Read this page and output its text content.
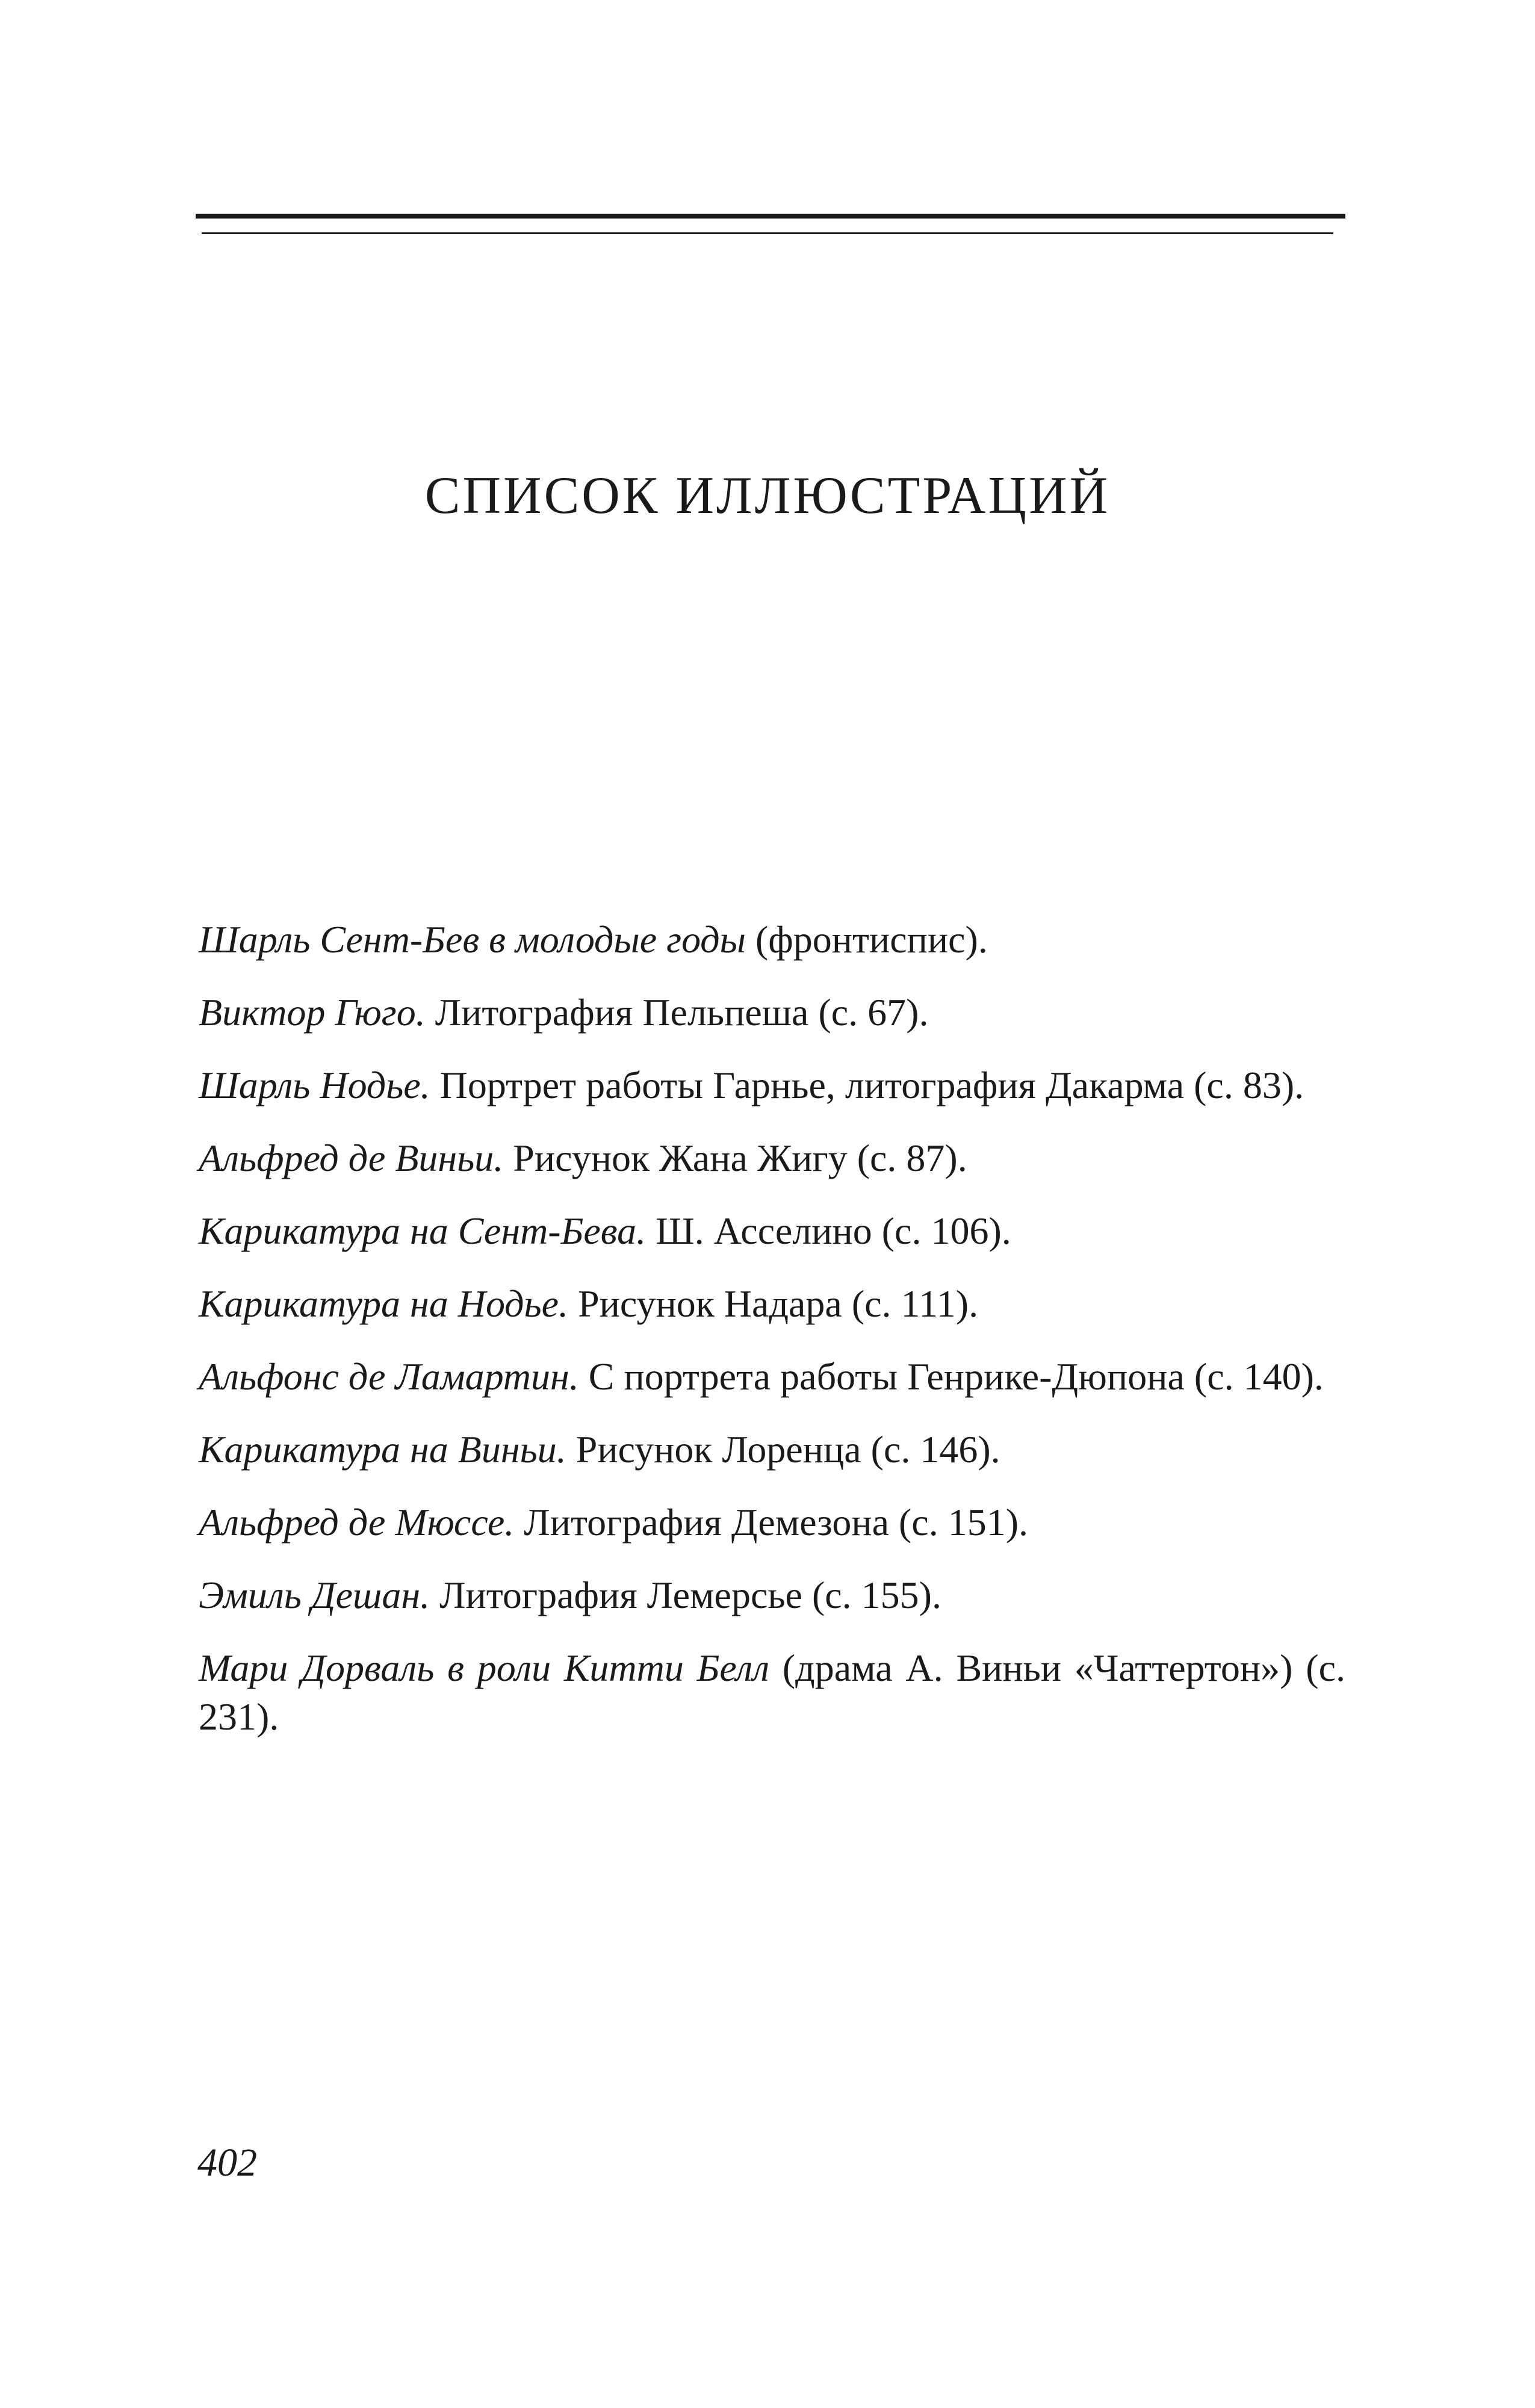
СПИСОК ИЛЛЮСТРАЦИЙ
Шарль Сент-Бев в молодые годы (фронтиспис).
Виктор Гюго. Литография Пельпеша (с. 67).
Шарль Нодье. Портрет работы Гарнье, литография Дакарма (с. 83).
Альфред де Виньи. Рисунок Жана Жигу (с. 87).
Карикатура на Сент-Бева. Ш. Асселино (с. 106).
Карикатура на Нодье. Рисунок Надара (с. 111).
Альфонс де Ламартин. С портрета работы Генрике-Дюпона (с. 140).
Карикатура на Виньи. Рисунок Лоренца (с. 146).
Альфред де Мюссе. Литография Демезона (с. 151).
Эмиль Дешан. Литография Лемерсье (с. 155).
Мари Дорваль в роли Китти Белл (драма А. Виньи «Чаттертон») (с. 231).
402
